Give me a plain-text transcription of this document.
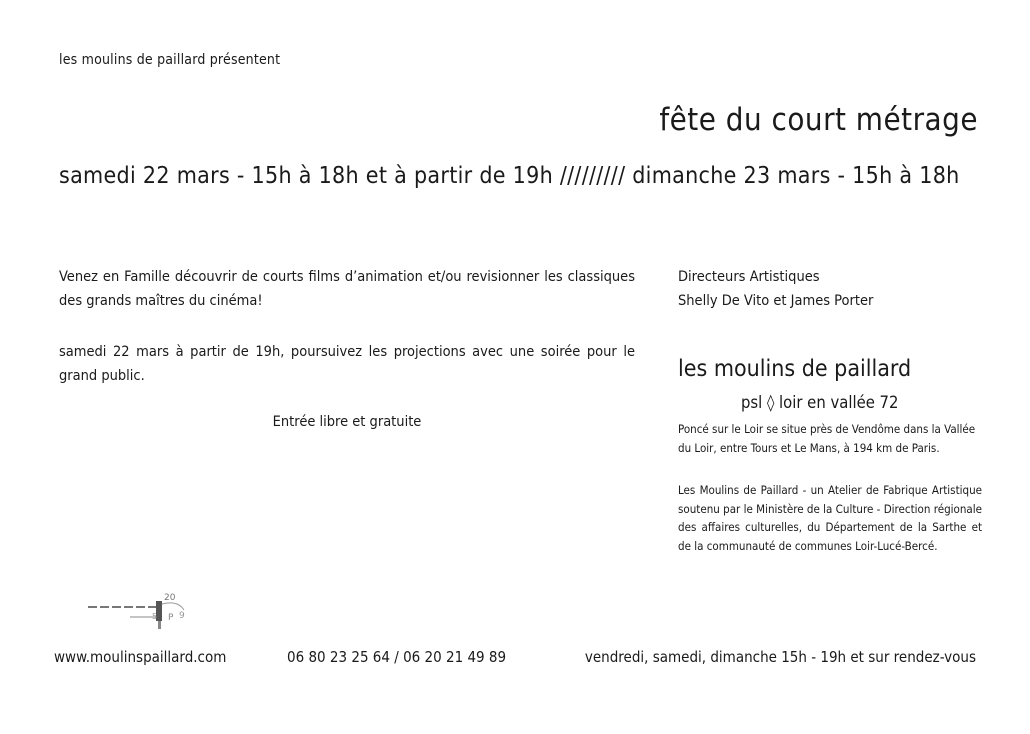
les moulins de paillard présentent
fête du court métrage
samedi 22 mars - 15h à 18h et à partir de 19h ///////// dimanche 23 mars - 15h à 18h
Venez en Famille découvrir de courts films d’animation et/ou revisionner les classiques des grands maîtres du cinéma!
samedi 22 mars à partir de 19h, poursuivez les projections avec une soirée pour le grand public.
Entrée libre et gratuite
Directeurs Artistiques
Shelly De Vito et James Porter
les moulins de paillard
psl ◊ loir en vallée 72
Poncé sur le Loir se situe près de Vendôme dans la Vallée du Loir, entre Tours et Le Mans, à 194 km de Paris.
Les Moulins de Paillard - un Atelier de Fabrique Artistique soutenu par le Ministère de la Culture - Direction régionale des affaires culturelles, du Département de la Sarthe et de la communauté de communes Loir-Lucé-Bercé.
20
P 9
5
www.moulinspaillard.com	06 80 23 25 64 / 06 20 21 49 89	vendredi, samedi, dimanche 15h - 19h et sur rendez-vous
